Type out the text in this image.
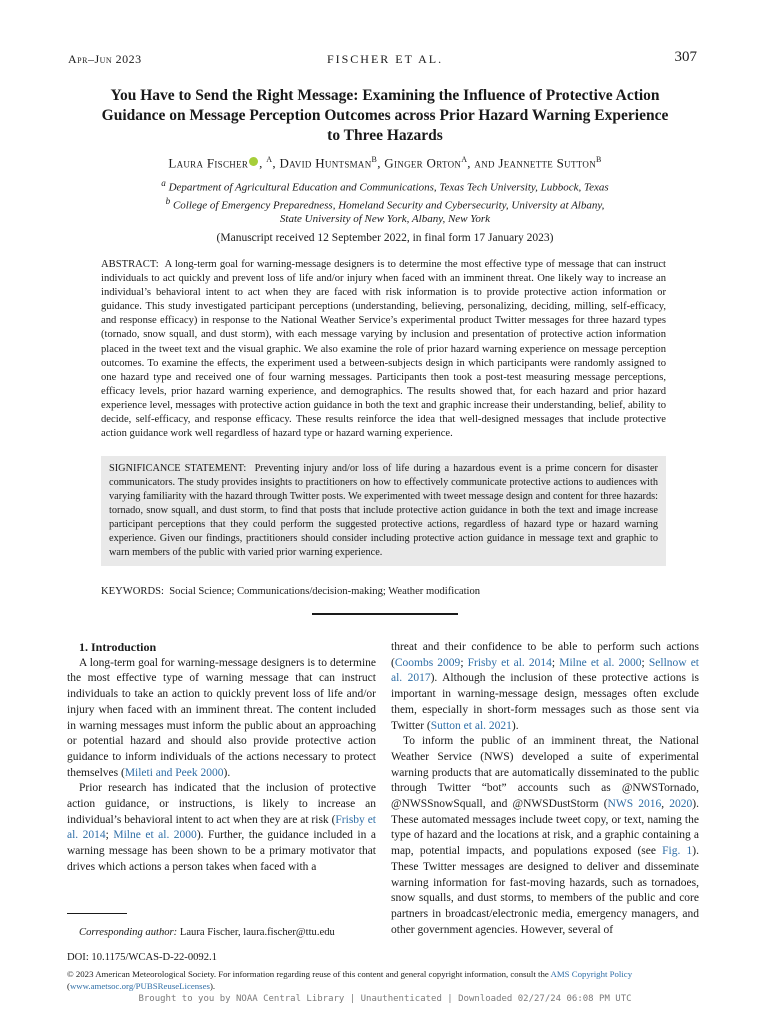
Apr–Jun 2023	FISCHER ET AL.	307
You Have to Send the Right Message: Examining the Influence of Protective Action Guidance on Message Perception Outcomes across Prior Hazard Warning Experience to Three Hazards
Laura Fischer , $^a$, David Huntsman$^b$, Ginger Orton$^a$, and Jeannette Sutton$^b$
$^a$ Department of Agricultural Education and Communications, Texas Tech University, Lubbock, Texas
$^b$ College of Emergency Preparedness, Homeland Security and Cybersecurity, University at Albany,
State University of New York, Albany, New York
(Manuscript received 12 September 2022, in final form 17 January 2023)
ABSTRACT: A long-term goal for warning-message designers is to determine the most effective type of message that can instruct individuals to act quickly and prevent loss of life and/or injury when faced with an imminent threat. One likely way to increase an individual’s behavioral intent to act when they are faced with risk information is to provide protective action information or guidance. This study investigated participant perceptions (understanding, believing, personalizing, deciding, milling, self-efficacy, and response efficacy) in response to the National Weather Service’s experimental product Twitter messages for three hazard types (tornado, snow squall, and dust storm), with each message varying by inclusion and presentation of protective action information placed in the tweet text and the visual graphic. We also examine the role of prior hazard warning experience on message perception outcomes. To examine the effects, the experiment used a between-subjects design in which participants were randomly assigned to one hazard type and received one of four warning messages. Participants then took a post-test measuring message perceptions, efficacy levels, prior hazard warning experience, and demographics. The results showed that, for each hazard and prior hazard experience level, messages with protective action guidance in both the text and graphic increase their understanding, belief, ability to decide, self-efficacy, and response efficacy. These results reinforce the idea that well-designed messages that include protective action guidance work well regardless of hazard type or hazard warning experience.
SIGNIFICANCE STATEMENT: Preventing injury and/or loss of life during a hazardous event is a prime concern for disaster communicators. The study provides insights to practitioners on how to effectively communicate protective actions to audiences with varying familiarity with the hazard through Twitter posts. We experimented with tweet message design and content for three hazards: tornado, snow squall, and dust storm, to find that posts that include protective action guidance in both the text and image increase participant perceptions that they could perform the suggested protective actions, regardless of hazard type or hazard warning experience. Given our findings, practitioners should consider including protective action guidance in message text and graphic to warn members of the public with varied prior warning experience.
KEYWORDS: Social Science; Communications/decision-making; Weather modification

1. Introduction

A long-term goal for warning-message designers is to determine the most effective type of warning message that can instruct individuals to take an action to quickly prevent loss of life and/or injury when faced with an imminent threat. The content included in warning messages must inform the public about an approaching or potential hazard and should also provide protective action guidance to inform individuals of the actions necessary to protect themselves (Mileti and Peek 2000).

Prior research has indicated that the inclusion of protective action guidance, or instructions, is likely to increase an individual’s behavioral intent to act when they are at risk (Frisby et al. 2014; Milne et al. 2000). Further, the guidance included in a warning message has been shown to be a primary motivator that drives which actions a person takes when faced with a

threat and their confidence to be able to perform such actions (Coombs 2009; Frisby et al. 2014; Milne et al. 2000; Sellnow et al. 2017). Although the inclusion of these protective actions is important in warning-message design, messages often exclude them, especially in short-form messages such as those sent via Twitter (Sutton et al. 2021).

To inform the public of an imminent threat, the National Weather Service (NWS) developed a suite of experimental warning products that are automatically disseminated to the public through Twitter “bot” accounts such as @NWSTornado, @NWSSnowSquall, and @NWSDustStorm (NWS 2016, 2020). These automated messages include tweet copy, or text, naming the type of hazard and the locations at risk, and a graphic containing a map, potential impacts, and populations exposed (see Fig. 1). These Twitter messages are designed to deliver and disseminate warning information for fast-moving hazards, such as tornadoes, snow squalls, and dust storms, to members of the public and core partners in broadcast/electronic media, emergency managers, and other government agencies. However, several of

Corresponding author: Laura Fischer, laura.fischer@ttu.edu
DOI: 10.1175/WCAS-D-22-0092.1
© 2023 American Meteorological Society. For information regarding reuse of this content and general copyright information, consult the AMS Copyright Policy (www.ametsoc.org/PUBSReuseLicenses).
Brought to you by NOAA Central Library | Unauthenticated | Downloaded 02/27/24 06:08 PM UTC
